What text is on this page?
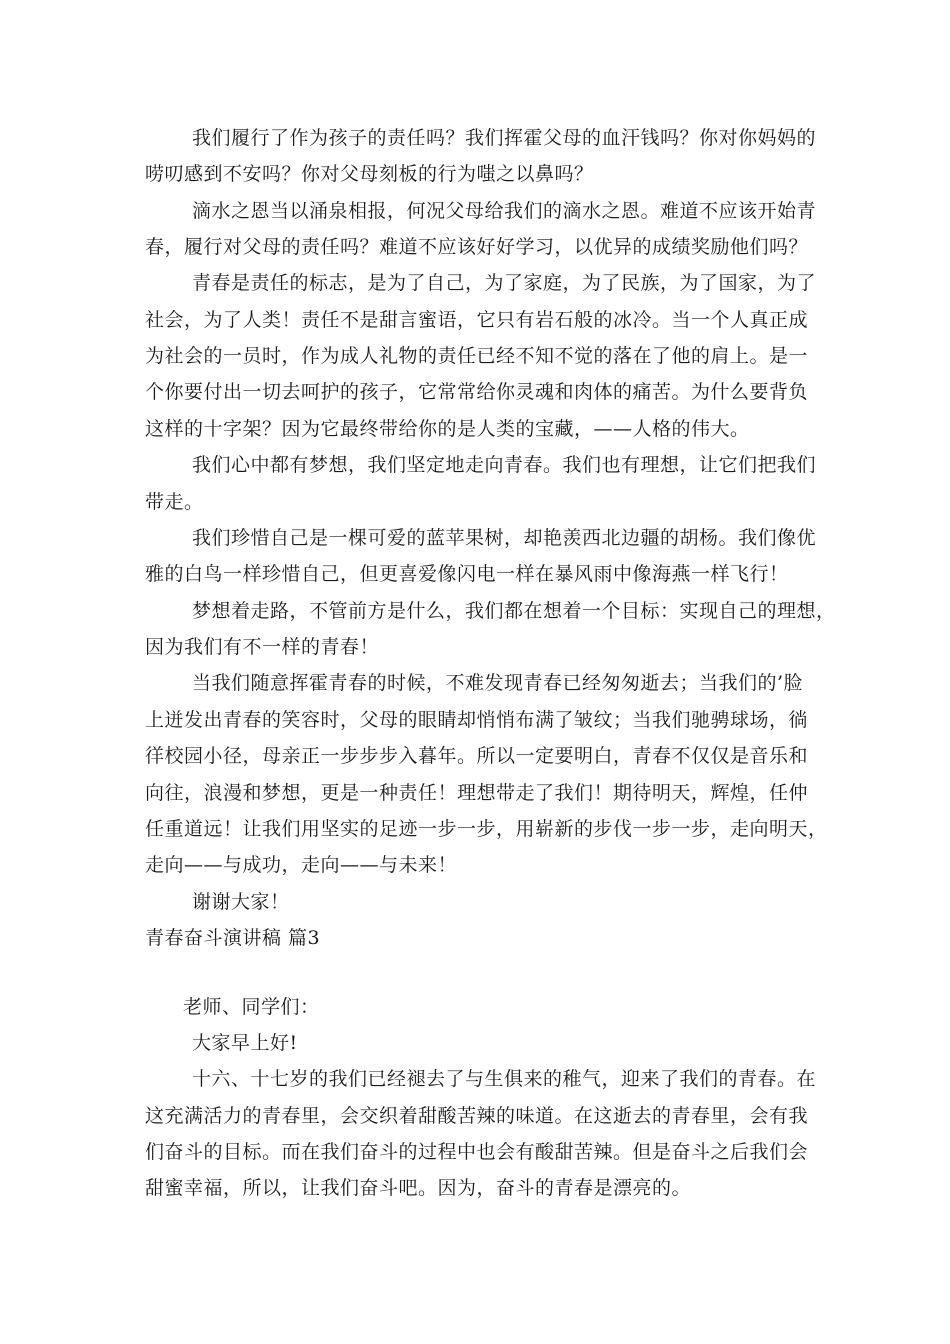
我们履行了作为孩子的责任吗？我们挥霍父母的血汗钱吗？你对你妈妈的
唠叨感到不安吗？你对父母刻板的行为嗤之以鼻吗？
滴水之恩当以涌泉相报，何况父母给我们的滴水之恩。难道不应该开始青
春，履行对父母的责任吗？难道不应该好好学习，以优异的成绩奖励他们吗？
青春是责任的标志，是为了自己，为了家庭，为了民族，为了国家，为了
社会，为了人类！责任不是甜言蜜语，它只有岩石般的冰冷。当一个人真正成
为社会的一员时，作为成人礼物的责任已经不知不觉的落在了他的肩上。是一
个你要付出一切去呵护的孩子，它常常给你灵魂和肉体的痛苦。为什么要背负
这样的十字架？因为它最终带给你的是人类的宝藏，——人格的伟大。
我们心中都有梦想，我们坚定地走向青春。我们也有理想，让它们把我们
带走。
我们珍惜自己是一棵可爱的蓝苹果树，却艳羡西北边疆的胡杨。我们像优
雅的白鸟一样珍惜自己，但更喜爱像闪电一样在暴风雨中像海燕一样飞行！
梦想着走路，不管前方是什么，我们都在想着一个目标：实现自己的理想，
因为我们有不一样的青春！
当我们随意挥霍青春的时候，不难发现青春已经匆匆逝去；当我们的’脸
上迸发出青春的笑容时，父母的眼睛却悄悄布满了皱纹；当我们驰骋球场，徜
徉校园小径，母亲正一步步步入暮年。所以一定要明白，青春不仅仅是音乐和
向往，浪漫和梦想，更是一种责任！理想带走了我们！期待明天，辉煌，任仲
任重道远！让我们用坚实的足迹一步一步，用崭新的步伐一步一步，走向明天，
走向——与成功，走向——与未来！
谢谢大家！
青春奋斗演讲稿 篇3
老师、同学们：
大家早上好!
十六、十七岁的我们已经褪去了与生俱来的稚气，迎来了我们的青春。在
这充满活力的青春里，会交织着甜酸苦辣的味道。在这逝去的青春里，会有我
们奋斗的目标。而在我们奋斗的过程中也会有酸甜苦辣。但是奋斗之后我们会
甜蜜幸福，所以，让我们奋斗吧。因为，奋斗的青春是漂亮的。
